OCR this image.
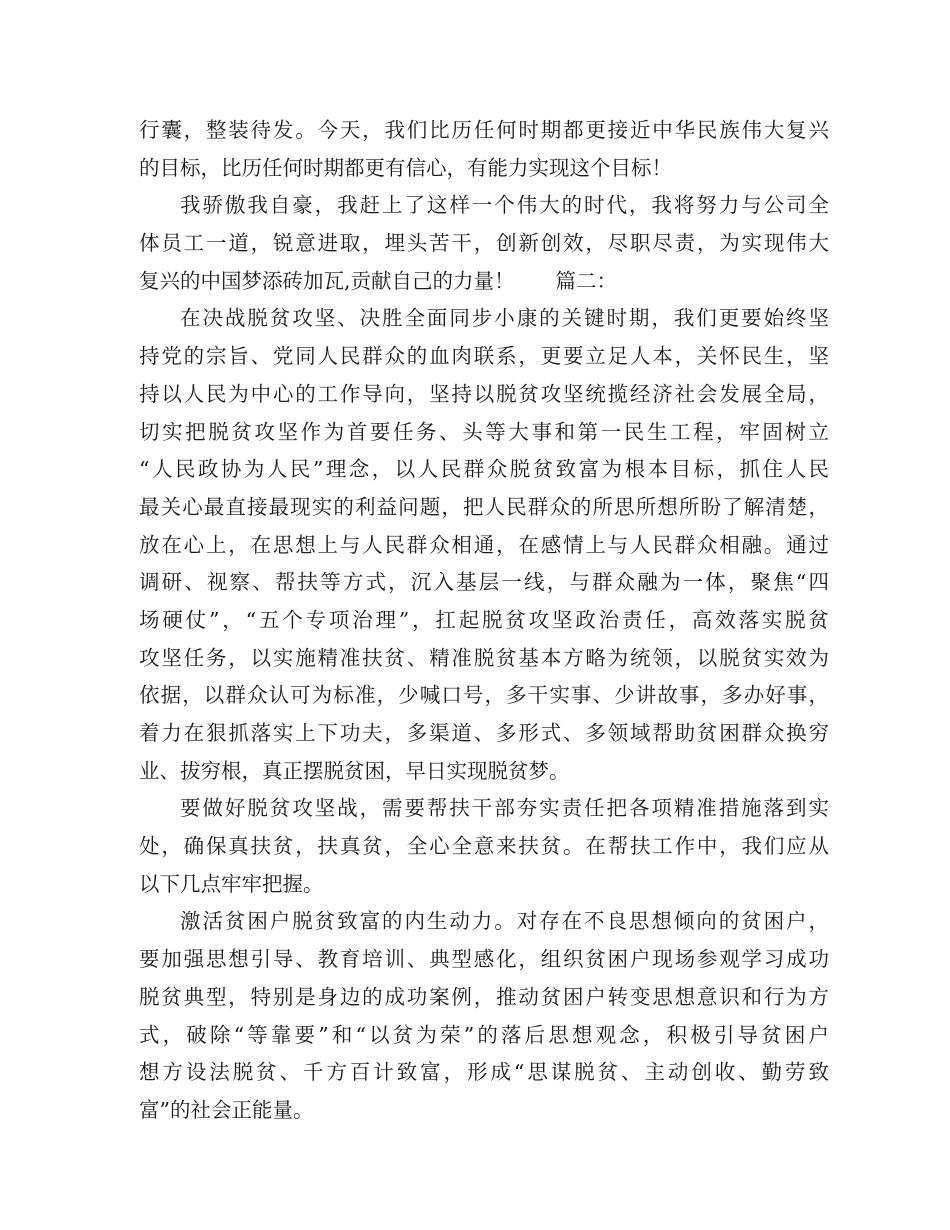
行囊，整装待发。今天，我们比历任何时期都更接近中华民族伟大复兴
的目标，比历任何时期都更有信心，有能力实现这个目标！
我骄傲我自豪，我赶上了这样一个伟大的时代，我将努力与公司全
体员工一道，锐意进取，埋头苦干，创新创效，尽职尽责，为实现伟大
复兴的中国梦添砖加瓦,贡献自己的力量！　　篇二：
在决战脱贫攻坚、决胜全面同步小康的关键时期，我们更要始终坚
持党的宗旨、党同人民群众的血肉联系，更要立足人本，关怀民生，坚
持以人民为中心的工作导向，坚持以脱贫攻坚统揽经济社会发展全局，
切实把脱贫攻坚作为首要任务、头等大事和第一民生工程，牢固树立
“人民政协为人民”理念，以人民群众脱贫致富为根本目标，抓住人民
最关心最直接最现实的利益问题，把人民群众的所思所想所盼了解清楚，
放在心上，在思想上与人民群众相通，在感情上与人民群众相融。通过
调研、视察、帮扶等方式，沉入基层一线，与群众融为一体，聚焦“四
场硬仗”，“五个专项治理”，扛起脱贫攻坚政治责任，高效落实脱贫
攻坚任务，以实施精准扶贫、精准脱贫基本方略为统领，以脱贫实效为
依据，以群众认可为标准，少喊口号，多干实事、少讲故事，多办好事，
着力在狠抓落实上下功夫，多渠道、多形式、多领域帮助贫困群众换穷
业、拔穷根，真正摆脱贫困，早日实现脱贫梦。
要做好脱贫攻坚战，需要帮扶干部夯实责任把各项精准措施落到实
处，确保真扶贫，扶真贫，全心全意来扶贫。在帮扶工作中，我们应从
以下几点牢牢把握。
激活贫困户脱贫致富的内生动力。对存在不良思想倾向的贫困户，
要加强思想引导、教育培训、典型感化，组织贫困户现场参观学习成功
脱贫典型，特别是身边的成功案例，推动贫困户转变思想意识和行为方
式，破除“等靠要”和“以贫为荣”的落后思想观念，积极引导贫困户
想方设法脱贫、千方百计致富，形成“思谋脱贫、主动创收、勤劳致
富”的社会正能量。
